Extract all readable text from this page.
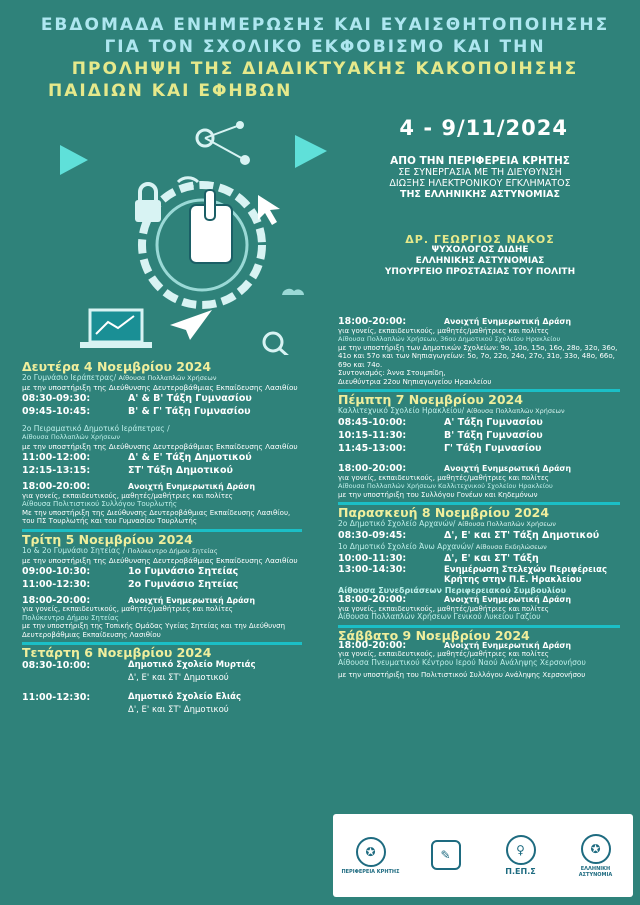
ΕΒΔΟΜΑΔΑ ΕΝΗΜΕΡΩΣΗΣ ΚΑΙ ΕΥΑΙΣΘΗΤΟΠΟΙΗΣΗΣ
ΓΙΑ ΤΟΝ ΣΧΟΛΙΚΟ ΕΚΦΟΒΙΣΜΟ ΚΑΙ ΤΗΝ
ΠΡΟΛΗΨΗ ΤΗΣ ΔΙΑΔΙΚΤΥΑΚΗΣ ΚΑΚΟΠΟΙΗΣΗΣ
ΠΑΙΔΙΩΝ ΚΑΙ ΕΦΗΒΩΝ
4 - 9/11/2024
ΑΠΟ ΤΗΝ ΠΕΡΙΦΕΡΕΙΑ ΚΡΗΤΗΣ
ΣΕ ΣΥΝΕΡΓΑΣΙΑ ΜΕ ΤΗ ΔΙΕΥΘΥΝΣΗ
ΔΙΩΞΗΣ ΗΛΕΚΤΡΟΝΙΚΟΥ ΕΓΚΛΗΜΑΤΟΣ
ΤΗΣ ΕΛΛΗΝΙΚΗΣ ΑΣΤΥΝΟΜΙΑΣ
ΔΡ. ΓΕΩΡΓΙΟΣ ΝΑΚΟΣ
ΨΥΧΟΛΟΓΟΣ ΔΙΔΗΕ
ΕΛΛΗΝΙΚΗΣ ΑΣΤΥΝΟΜΙΑΣ
ΥΠΟΥΡΓΕΙΟ ΠΡΟΣΤΑΣΙΑΣ ΤΟΥ ΠΟΛΙΤΗ
Δευτέρα 4 Νοεμβρίου 2024
2ο Γυμνάσιο Ιεράπετρας/ Αίθουσα Πολλαπλών Χρήσεων
με την υποστήριξη της Διεύθυνσης Δευτεροβάθμιας Εκπαίδευσης Λασιθίου
08:30-09:30:	Α' & Β' Τάξη Γυμνασίου
09:45-10:45:	Β' & Γ' Τάξη Γυμνασίου
2ο Πειραματικό Δημοτικό Ιεράπετρας /
Αίθουσα Πολλαπλών Χρήσεων
με την υποστήριξη της Διεύθυνσης Δευτεροβάθμιας Εκπαίδευσης Λασιθίου
11:00-12:00:	Δ' & Ε' Τάξη Δημοτικού
12:15-13:15:	ΣΤ' Τάξη Δημοτικού
18:00-20:00:	Ανοιχτή Ενημερωτική Δράση
για γονείς, εκπαιδευτικούς, μαθητές/μαθήτριες και πολίτες
Αίθουσα Πολιτιστικού Συλλόγου Τουρλωτής
Με την υποστήριξη της Διεύθυνσης Δευτεροβάθμιας Εκπαίδευσης Λασιθίου, του ΠΣ Τουρλωτής και του Γυμνασίου Τουρλωτής
Τρίτη 5 Νοεμβρίου 2024
1ο & 2ο Γυμνάσιο Σητείας / Πολύκεντρο Δήμου Σητείας
με την υποστήριξη της Διεύθυνσης Δευτεροβάθμιας Εκπαίδευσης Λασιθίου
09:00-10:30:	1ο Γυμνάσιο Σητείας
11:00-12:30:	2ο Γυμνάσιο Σητείας
18:00-20:00:	Ανοιχτή Ενημερωτική Δράση
για γονείς, εκπαιδευτικούς, μαθητές/μαθήτριες και πολίτες
Πολύκεντρο Δήμου Σητείας
με την υποστήριξη της Τοπικής Ομάδας Υγείας Σητείας και την Διεύθυνση Δευτεροβάθμιας Εκπαίδευσης Λασιθίου
Τετάρτη 6 Νοεμβρίου 2024
08:30-10:00:	Δημοτικό Σχολείο Μυρτιάς
Δ', Ε' και ΣΤ' Δημοτικού
11:00-12:30:	Δημοτικό Σχολείο Ελιάς
Δ', Ε' και ΣΤ' Δημοτικού
18:00-20:00:	Ανοιχτή Ενημερωτική Δράση
για γονείς, εκπαιδευτικούς, μαθητές/μαθήτριες και πολίτες
Αίθουσα Πολλαπλών Χρήσεων, 36ου Δημοτικού Σχολείου Ηρακλείου
με την υποστήριξη των Δημοτικών Σχολείων: 9ο, 10ο, 15ο, 16ο, 28ο, 32ο, 36ο, 41ο και 57ο και των Νηπιαγωγείων: 5ο, 7ο, 22ο, 24ο, 27ο, 31ο, 33ο, 48ο, 66ο, 69ο και 74ο.
Συντονισμός: Άννα Στουμπίδη,
Διευθύντρια 22ου Νηπιαγωγείου Ηρακλείου
Πέμπτη 7 Νοεμβρίου 2024
Καλλιτεχνικό Σχολείο Ηρακλείου/ Αίθουσα Πολλαπλών Χρήσεων
08:45-10:00:	Α' Τάξη Γυμνασίου
10:15-11:30:	Β' Τάξη Γυμνασίου
11:45-13:00:	Γ' Τάξη Γυμνασίου
18:00-20:00:	Ανοιχτή Ενημερωτική Δράση
για γονείς, εκπαιδευτικούς, μαθητές/μαθήτριες και πολίτες
Αίθουσα Πολλαπλών Χρήσεων Καλλιτεχνικού Σχολείου Ηρακλείου
με την υποστήριξη του Συλλόγου Γονέων και Κηδεμόνων
Παρασκευή 8 Νοεμβρίου 2024
2ο Δημοτικό Σχολείο Αρχανών/ Αίθουσα Πολλαπλών Χρήσεων
08:30-09:45:	Δ', Ε' και ΣΤ' Τάξη Δημοτικού
1ο Δημοτικό Σχολείο Άνω Αρχανών/ Αίθουσα Εκδηλώσεων
10:00-11:30:	Δ', Ε' και ΣΤ' Τάξη
13:00-14:30:	Ενημέρωση Στελεχών Περιφέρειας Κρήτης στην Π.Ε. Ηρακλείου
Αίθουσα Συνεδριάσεων Περιφερειακού Συμβουλίου
18:00-20:00:	Ανοιχτή Ενημερωτική Δράση
για γονείς, εκπαιδευτικούς, μαθητές/μαθήτριες και πολίτες
Αίθουσα Πολλαπλών Χρήσεων Γενικού Λυκείου Γαζίου
Σάββατο 9 Νοεμβρίου 2024
18:00-20:00:	Ανοιχτή Ενημερωτική Δράση
για γονείς, εκπαιδευτικούς, μαθητές/μαθήτριες και πολίτες
Αίθουσα Πνευματικού Κέντρου Ιερού Ναού Ανάληψης Χερσονήσου
με την υποστήριξη του Πολιτιστικού Συλλόγου Ανάληψης Χερσονήσου
✪
ΠΕΡΙΦΕΡΕΙΑ ΚΡΗΤΗΣ
✎	♀
Π.ΕΠ.Σ
✪
ΕΛΛΗΝΙΚΗ ΑΣΤΥΝΟΜΙΑ
